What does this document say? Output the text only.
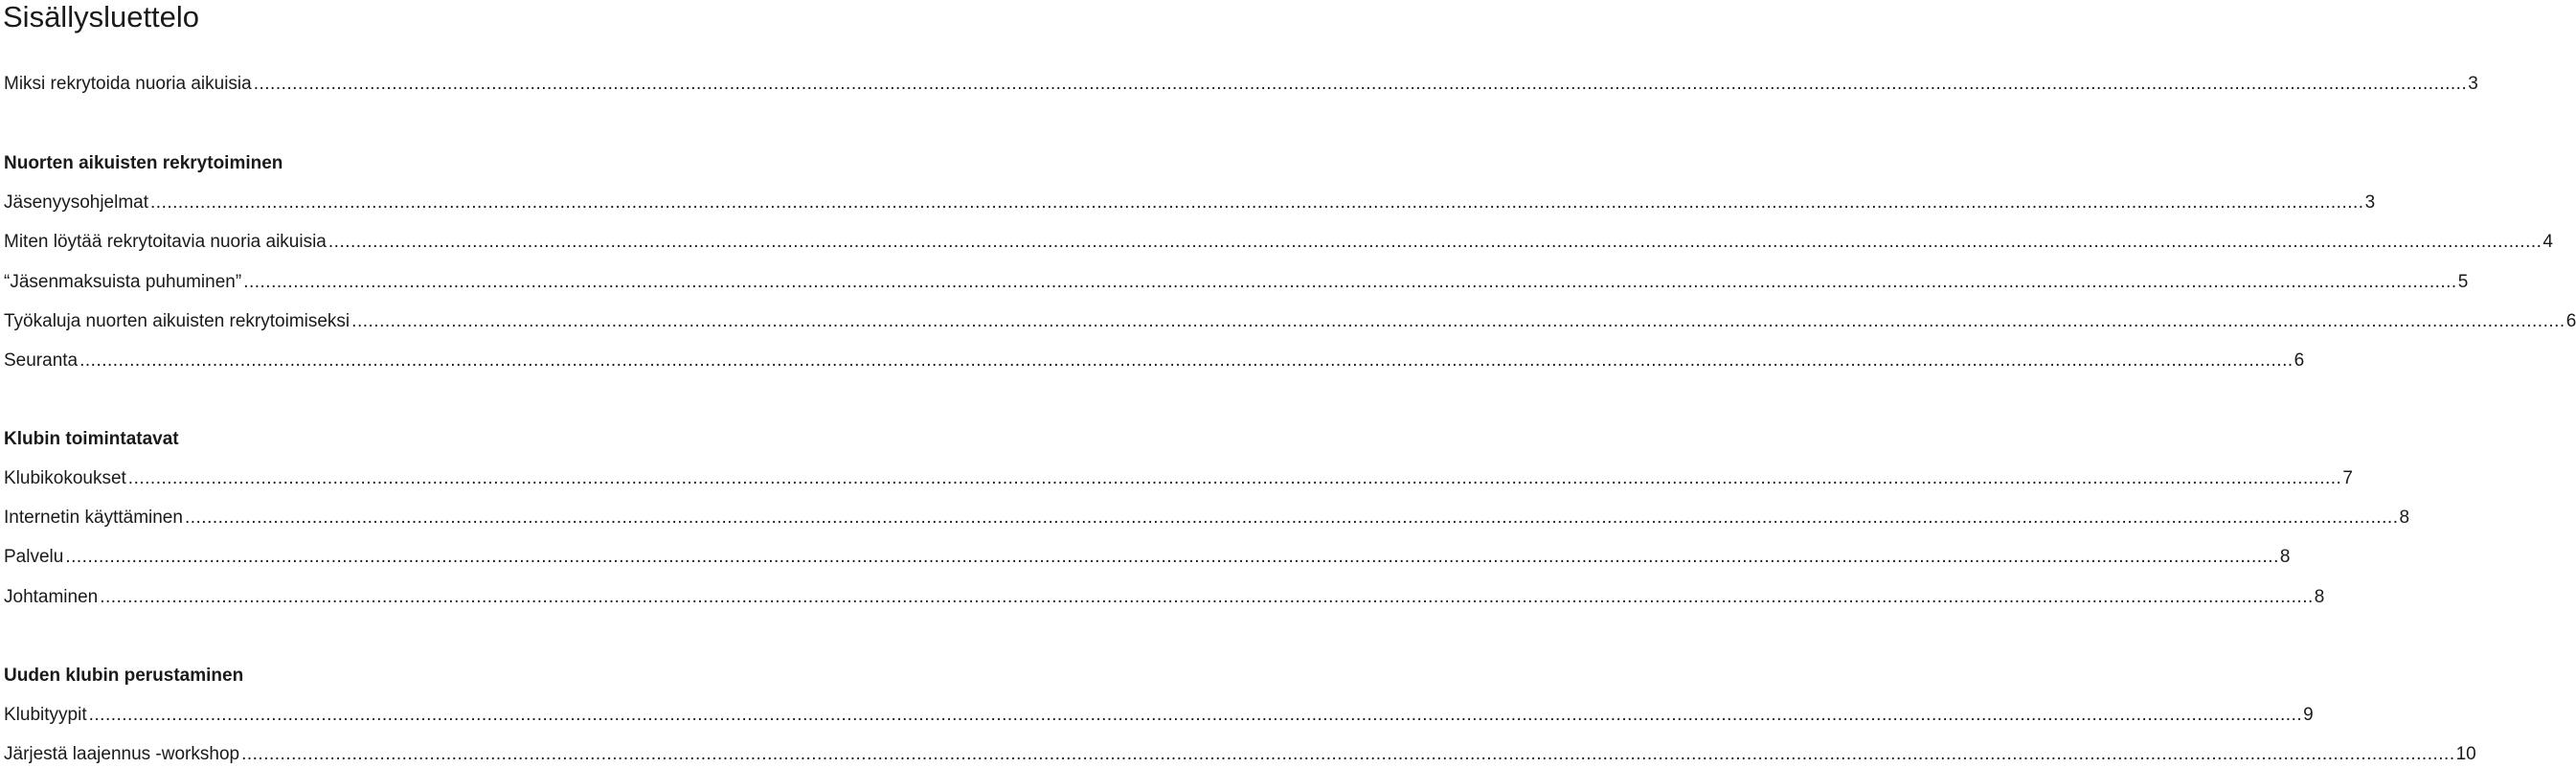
Sisällysluettelo
Miksi rekrytoida nuoria aikuisia ................................................................................................................................................................................................................................................................................................................................................................................................................ 3
Nuorten aikuisten rekrytoiminen
Jäsenyysohjelmat ................................................................................................................................................................................................................................................................................................................................................................................................................ 3
Miten löytää rekrytoitavia nuoria aikuisia ................................................................................................................................................................................................................................................................................................................................................................................................................ 4
“Jäsenmaksuista puhuminen” ................................................................................................................................................................................................................................................................................................................................................................................................................ 5
Työkaluja nuorten aikuisten rekrytoimiseksi ................................................................................................................................................................................................................................................................................................................................................................................................................ 6
Seuranta ................................................................................................................................................................................................................................................................................................................................................................................................................ 6
Klubin toimintatavat
Klubikokoukset ................................................................................................................................................................................................................................................................................................................................................................................................................ 7
Internetin käyttäminen ................................................................................................................................................................................................................................................................................................................................................................................................................ 8
Palvelu ................................................................................................................................................................................................................................................................................................................................................................................................................ 8
Johtaminen ................................................................................................................................................................................................................................................................................................................................................................................................................ 8
Uuden klubin perustaminen
Klubityypit ................................................................................................................................................................................................................................................................................................................................................................................................................ 9
Järjestä laajennus -workshop ................................................................................................................................................................................................................................................................................................................................................................................................................ 10
